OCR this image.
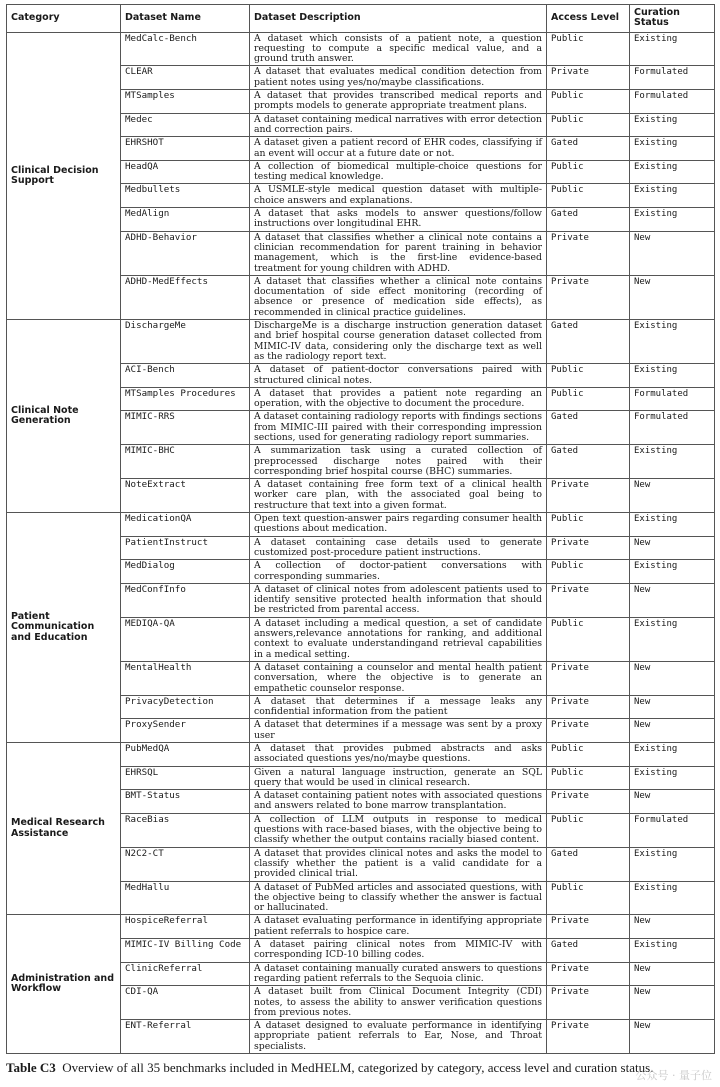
Category	Dataset Name	Dataset Description	Access Level	Curation Status
Clinical Decision Support	MedCalc-Bench	A dataset which consists of a patient note, a question requesting to compute a specific medical value, and a ground truth answer.	Public	Existing
	CLEAR	A dataset that evaluates medical condition detection from patient notes using yes/no/maybe classifications.	Private	Formulated
	MTSamples	A dataset that provides transcribed medical reports and prompts models to generate appropriate treatment plans.	Public	Formulated
	Medec	A dataset containing medical narratives with error detection and correction pairs.	Public	Existing
	EHRSHOT	A dataset given a patient record of EHR codes, classifying if an event will occur at a future date or not.	Gated	Existing
	HeadQA	A collection of biomedical multiple-choice questions for testing medical knowledge.	Public	Existing
	Medbullets	A USMLE-style medical question dataset with multiple-choice answers and explanations.	Public	Existing
	MedAlign	A dataset that asks models to answer questions/follow instructions over longitudinal EHR.	Gated	Existing
	ADHD-Behavior	A dataset that classifies whether a clinical note contains a clinician recommendation for parent training in behavior management, which is the first-line evidence-based treatment for young children with ADHD.	Private	New
	ADHD-MedEffects	A dataset that classifies whether a clinical note contains documentation of side effect monitoring (recording of absence or presence of medication side effects), as recommended in clinical practice guidelines.	Private	New
Clinical Note Generation	DischargeMe	DischargeMe is a discharge instruction generation dataset and brief hospital course generation dataset collected from MIMIC-IV data, considering only the discharge text as well as the radiology report text.	Gated	Existing
	ACI-Bench	A dataset of patient-doctor conversations paired with structured clinical notes.	Public	Existing
	MTSamples Procedures	A dataset that provides a patient note regarding an operation, with the objective to document the procedure.	Public	Formulated
	MIMIC-RRS	A dataset containing radiology reports with findings sections from MIMIC-III paired with their corresponding impression sections, used for generating radiology report summaries.	Gated	Formulated
	MIMIC-BHC	A summarization task using a curated collection of preprocessed discharge notes paired with their corresponding brief hospital course (BHC) summaries.	Gated	Existing
	NoteExtract	A dataset containing free form text of a clinical health worker care plan, with the associated goal being to restructure that text into a given format.	Private	New
Patient Communication and Education	MedicationQA	Open text question-answer pairs regarding consumer health questions about medication.	Public	Existing
	PatientInstruct	A dataset containing case details used to generate customized post-procedure patient instructions.	Private	New
	MedDialog	A collection of doctor-patient conversations with corresponding summaries.	Public	Existing
	MedConfInfo	A dataset of clinical notes from adolescent patients used to identify sensitive protected health information that should be restricted from parental access.	Private	New
	MEDIQA-QA	A dataset including a medical question, a set of candidate answers,relevance annotations for ranking, and additional context to evaluate understandingand retrieval capabilities in a medical setting.	Public	Existing
	MentalHealth	A dataset containing a counselor and mental health patient conversation, where the objective is to generate an empathetic counselor response.	Private	New
	PrivacyDetection	A dataset that determines if a message leaks any confidential information from the patient	Private	New
	ProxySender	A dataset that determines if a message was sent by a proxy user	Private	New
Medical Research Assistance	PubMedQA	A dataset that provides pubmed abstracts and asks associated questions yes/no/maybe questions.	Public	Existing
	EHRSQL	Given a natural language instruction, generate an SQL query that would be used in clinical research.	Public	Existing
	BMT-Status	A dataset containing patient notes with associated questions and answers related to bone marrow transplantation.	Private	New
	RaceBias	A collection of LLM outputs in response to medical questions with race-based biases, with the objective being to classify whether the output contains racially biased content.	Public	Formulated
	N2C2-CT	A dataset that provides clinical notes and asks the model to classify whether the patient is a valid candidate for a provided clinical trial.	Gated	Existing
	MedHallu	A dataset of PubMed articles and associated questions, with the objective being to classify whether the answer is factual or hallucinated.	Public	Existing
Administration and Workflow	HospiceReferral	A dataset evaluating performance in identifying appropriate patient referrals to hospice care.	Private	New
	MIMIC-IV Billing Code	A dataset pairing clinical notes from MIMIC-IV with corresponding ICD-10 billing codes.	Gated	Existing
	ClinicReferral	A dataset containing manually curated answers to questions regarding patient referrals to the Sequoia clinic.	Private	New
	CDI-QA	A dataset built from Clinical Document Integrity (CDI) notes, to assess the ability to answer verification questions from previous notes.	Private	New
	ENT-Referral	A dataset designed to evaluate performance in identifying appropriate patient referrals to Ear, Nose, and Throat specialists.	Private	New
Table C3 Overview of all 35 benchmarks included in MedHELM, categorized by category, access level and curation status.
公众号 · 量子位
